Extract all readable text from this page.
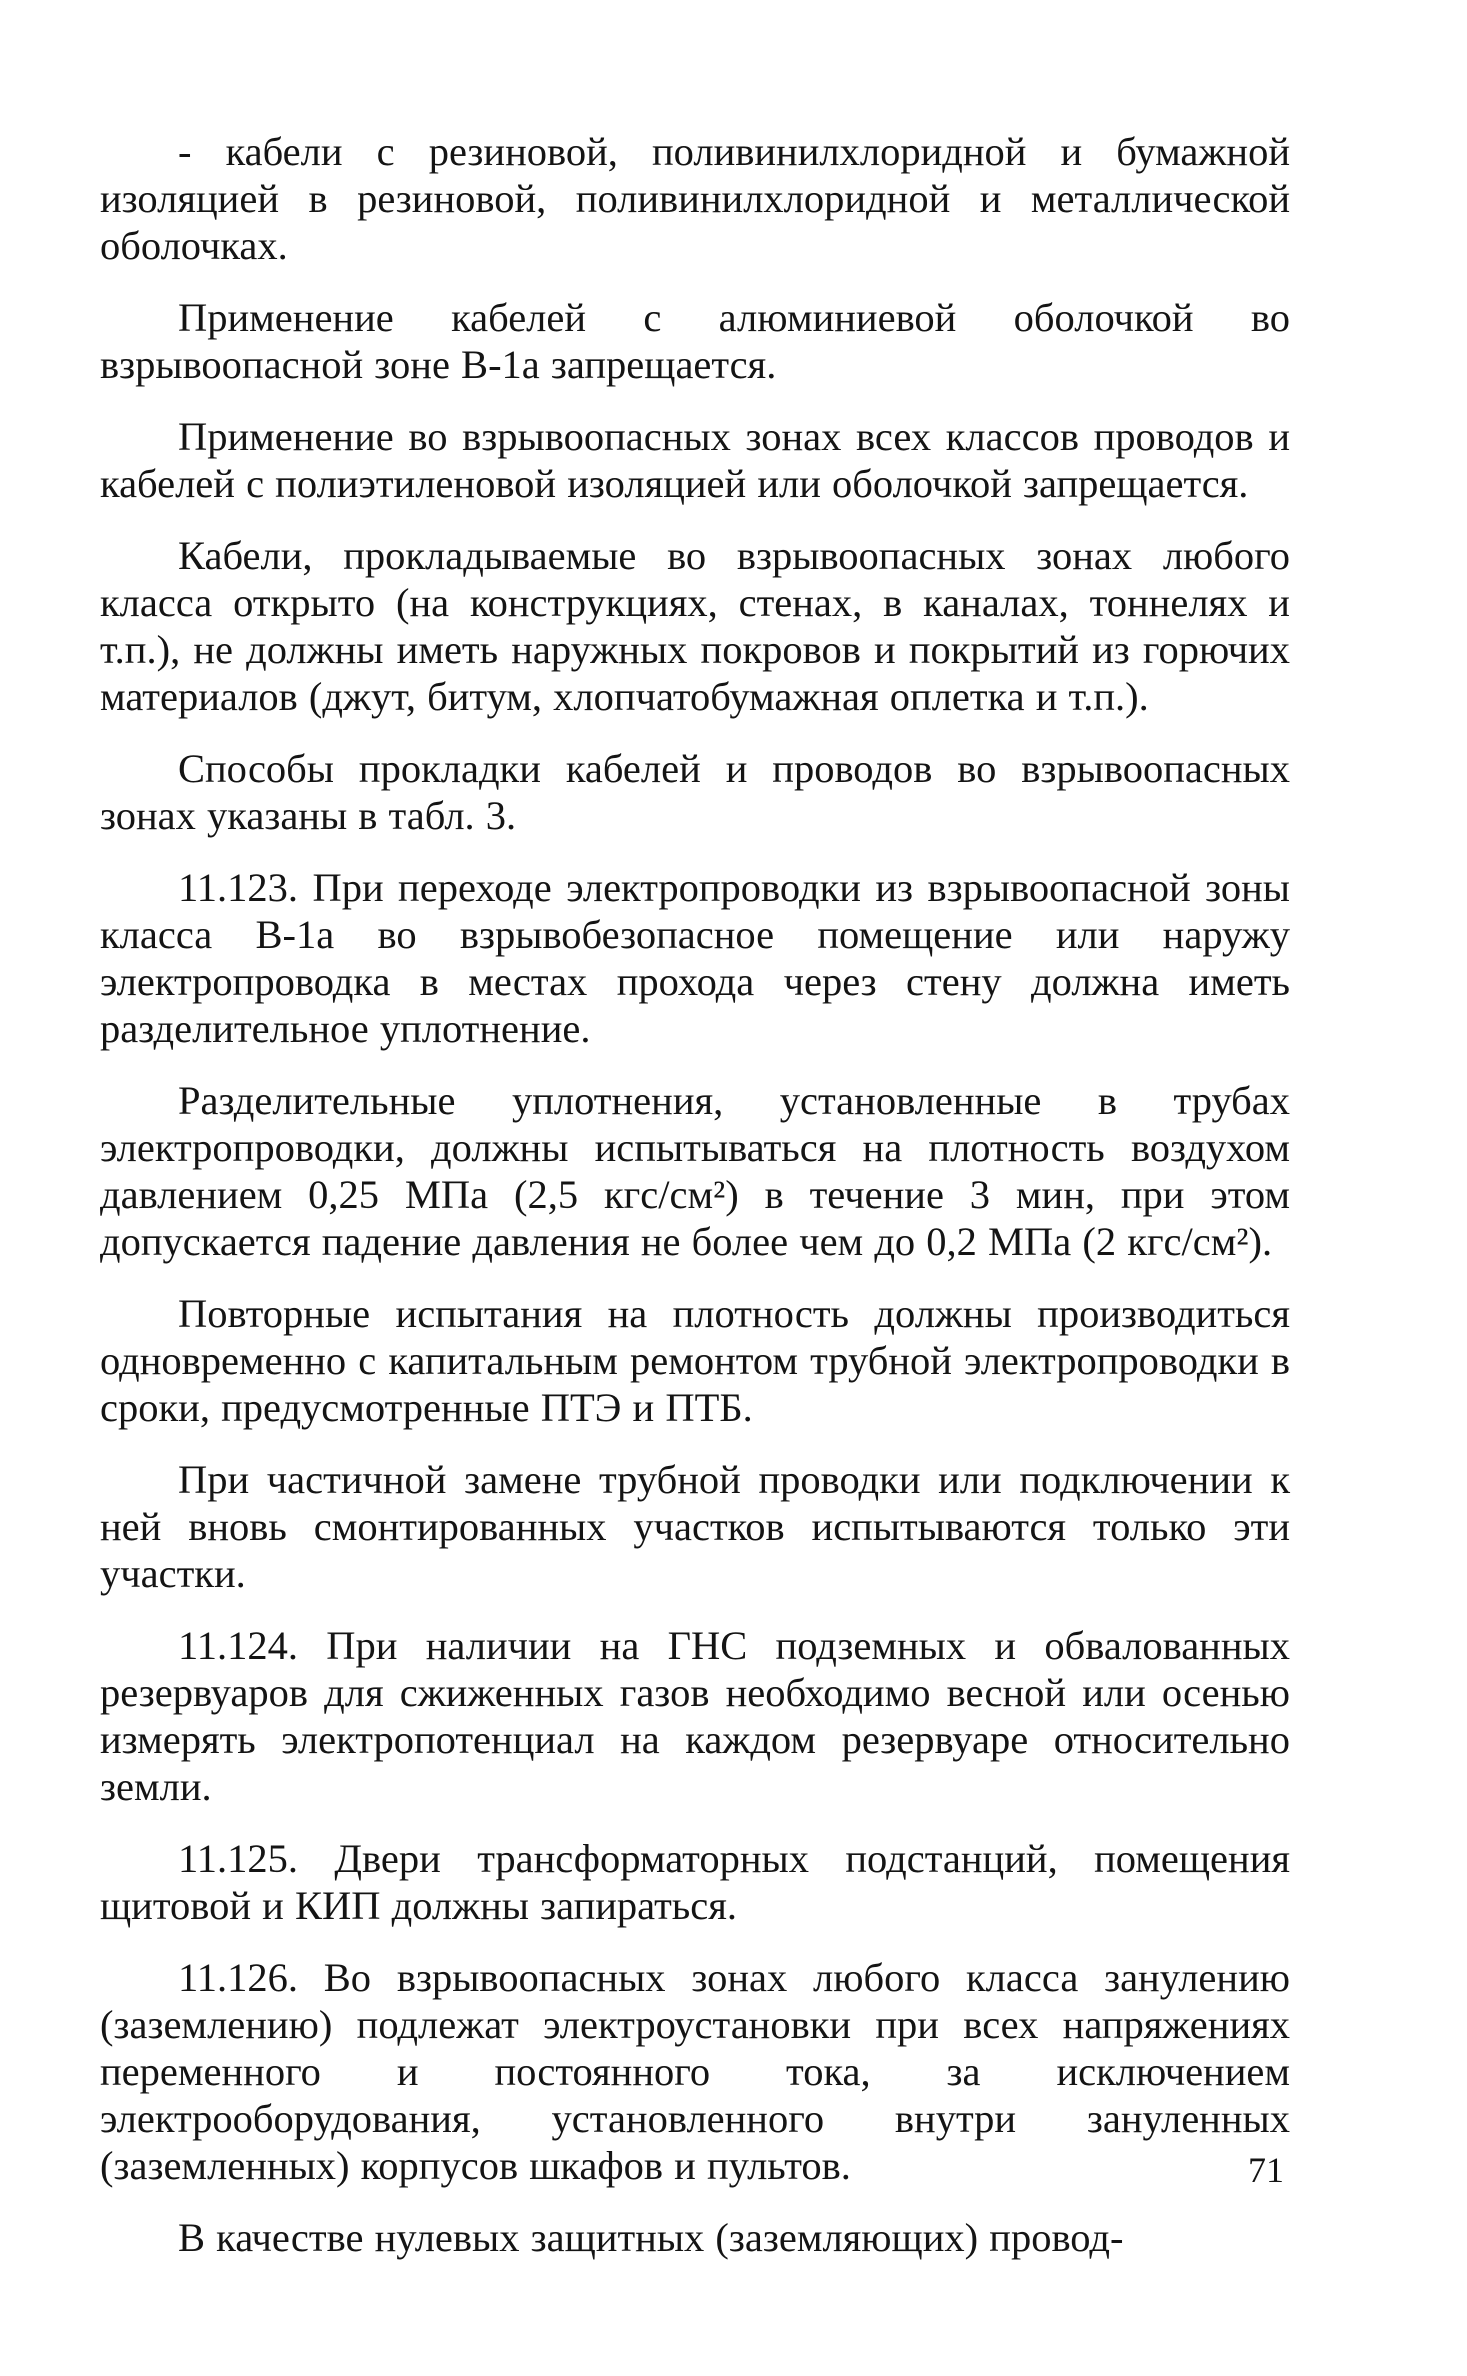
- кабели с резиновой, поливинилхлоридной и бумажной изоляцией в резиновой, поливинилхлоридной и металлической оболочках.

Применение кабелей с алюминиевой оболочкой во взрывоопасной зоне В-1а запрещается.

Применение во взрывоопасных зонах всех классов проводов и кабелей с полиэтиленовой изоляцией или оболочкой запрещается.

Кабели, прокладываемые во взрывоопасных зонах любого класса открыто (на конструкциях, стенах, в каналах, тоннелях и т.п.), не должны иметь наружных покровов и покрытий из горючих материалов (джут, битум, хлопчатобумажная оплетка и т.п.).

Способы прокладки кабелей и проводов во взрывоопасных зонах указаны в табл. 3.

11.123. При переходе электропроводки из взрывоопасной зоны класса В-1а во взрывобезопасное помещение или наружу электропроводка в местах прохода через стену должна иметь разделительное уплотнение.

Разделительные уплотнения, установленные в трубах электропроводки, должны испытываться на плотность воздухом давлением 0,25 МПа (2,5 кгс/см²) в течение 3 мин, при этом допускается падение давления не более чем до 0,2 МПа (2 кгс/см²).

Повторные испытания на плотность должны производиться одновременно с капитальным ремонтом трубной электропроводки в сроки, предусмотренные ПТЭ и ПТБ.

При частичной замене трубной проводки или подключении к ней вновь смонтированных участков испытываются только эти участки.

11.124. При наличии на ГНС подземных и обвалованных резервуаров для сжиженных газов необходимо весной или осенью измерять электропотенциал на каждом резервуаре относительно земли.

11.125. Двери трансформаторных подстанций, помещения щитовой и КИП должны запираться.

11.126. Во взрывоопасных зонах любого класса занулению (заземлению) подлежат электроустановки при всех напряжениях переменного и постоянного тока, за исключением электрооборудования, установленного внутри зануленных (заземленных) корпусов шкафов и пультов.

В качестве нулевых защитных (заземляющих) провод-

71
